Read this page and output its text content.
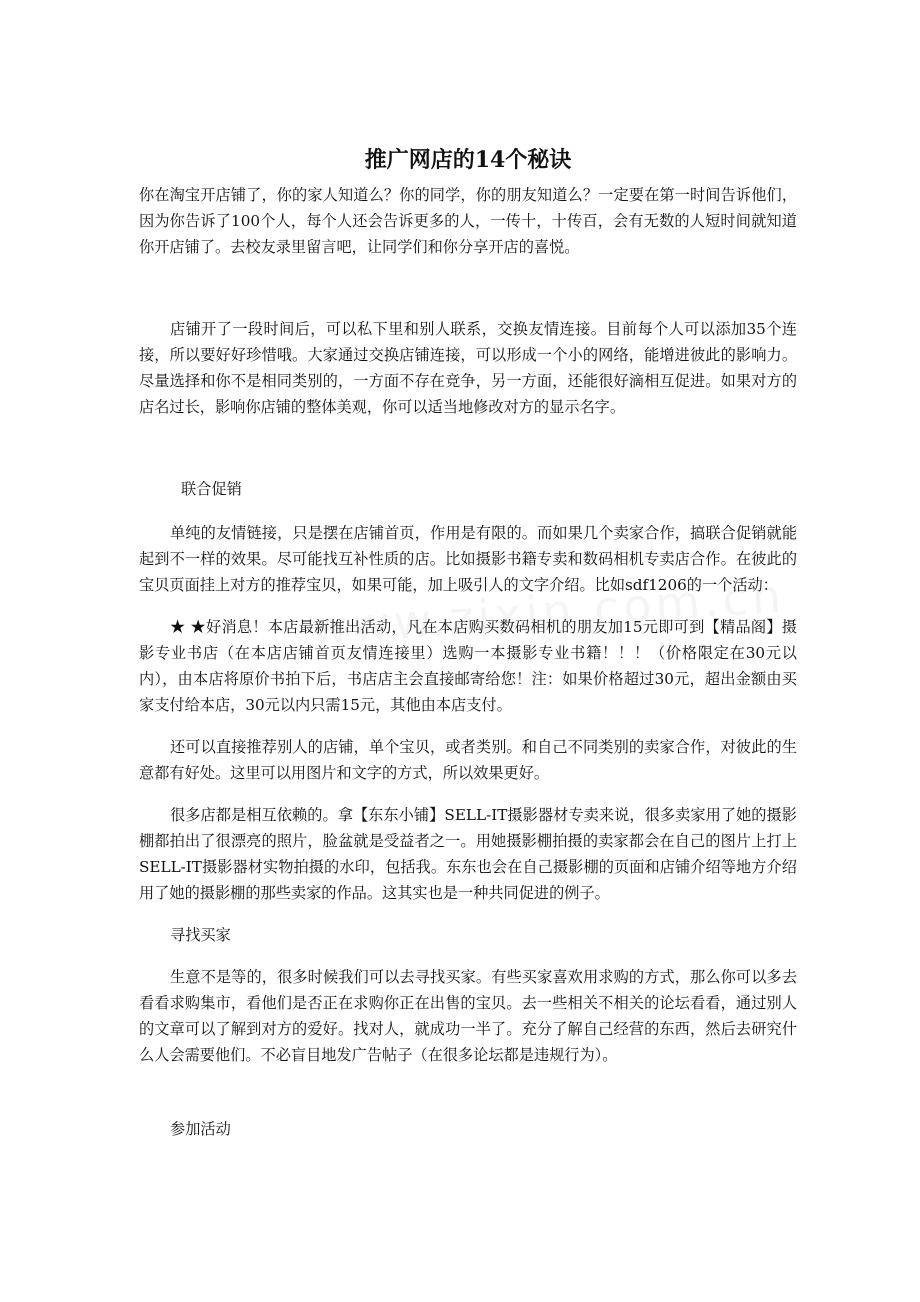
推广网店的14个秘诀

你在淘宝开店铺了，你的家人知道么？你的同学，你的朋友知道么？一定要在第一时间告诉他们，因为你告诉了100个人，每个人还会告诉更多的人，一传十，十传百，会有无数的人短时间就知道你开店铺了。去校友录里留言吧，让同学们和你分享开店的喜悦。

店铺开了一段时间后，可以私下里和别人联系，交换友情连接。目前每个人可以添加35个连接，所以要好好珍惜哦。大家通过交换店铺连接，可以形成一个小的网络，能增进彼此的影响力。尽量选择和你不是相同类别的，一方面不存在竞争，另一方面，还能很好滴相互促进。如果对方的店名过长，影响你店铺的整体美观，你可以适当地修改对方的显示名字。

联合促销

单纯的友情链接，只是摆在店铺首页，作用是有限的。而如果几个卖家合作，搞联合促销就能起到不一样的效果。尽可能找互补性质的店。比如摄影书籍专卖和数码相机专卖店合作。在彼此的宝贝页面挂上对方的推荐宝贝，如果可能，加上吸引人的文字介绍。比如sdf1206的一个活动：

★ ★好消息！本店最新推出活动，凡在本店购买数码相机的朋友加15元即可到【精品阁】摄影专业书店（在本店店铺首页友情连接里）选购一本摄影专业书籍！！！（价格限定在30元以内），由本店将原价书拍下后，书店店主会直接邮寄给您！注：如果价格超过30元，超出金额由买家支付给本店，30元以内只需15元，其他由本店支付。

还可以直接推荐别人的店铺，单个宝贝，或者类别。和自己不同类别的卖家合作，对彼此的生意都有好处。这里可以用图片和文字的方式，所以效果更好。

很多店都是相互依赖的。拿【东东小铺】SELL-IT摄影器材专卖来说，很多卖家用了她的摄影棚都拍出了很漂亮的照片，脸盆就是受益者之一。用她摄影棚拍摄的卖家都会在自己的图片上打上SELL-IT摄影器材实物拍摄的水印，包括我。东东也会在自己摄影棚的页面和店铺介绍等地方介绍用了她的摄影棚的那些卖家的作品。这其实也是一种共同促进的例子。

寻找买家

生意不是等的，很多时候我们可以去寻找买家。有些买家喜欢用求购的方式，那么你可以多去看看求购集市，看他们是否正在求购你正在出售的宝贝。去一些相关不相关的论坛看看，通过别人的文章可以了解到对方的爱好。找对人，就成功一半了。充分了解自己经营的东西，然后去研究什么人会需要他们。不必盲目地发广告帖子（在很多论坛都是违规行为）。

参加活动
